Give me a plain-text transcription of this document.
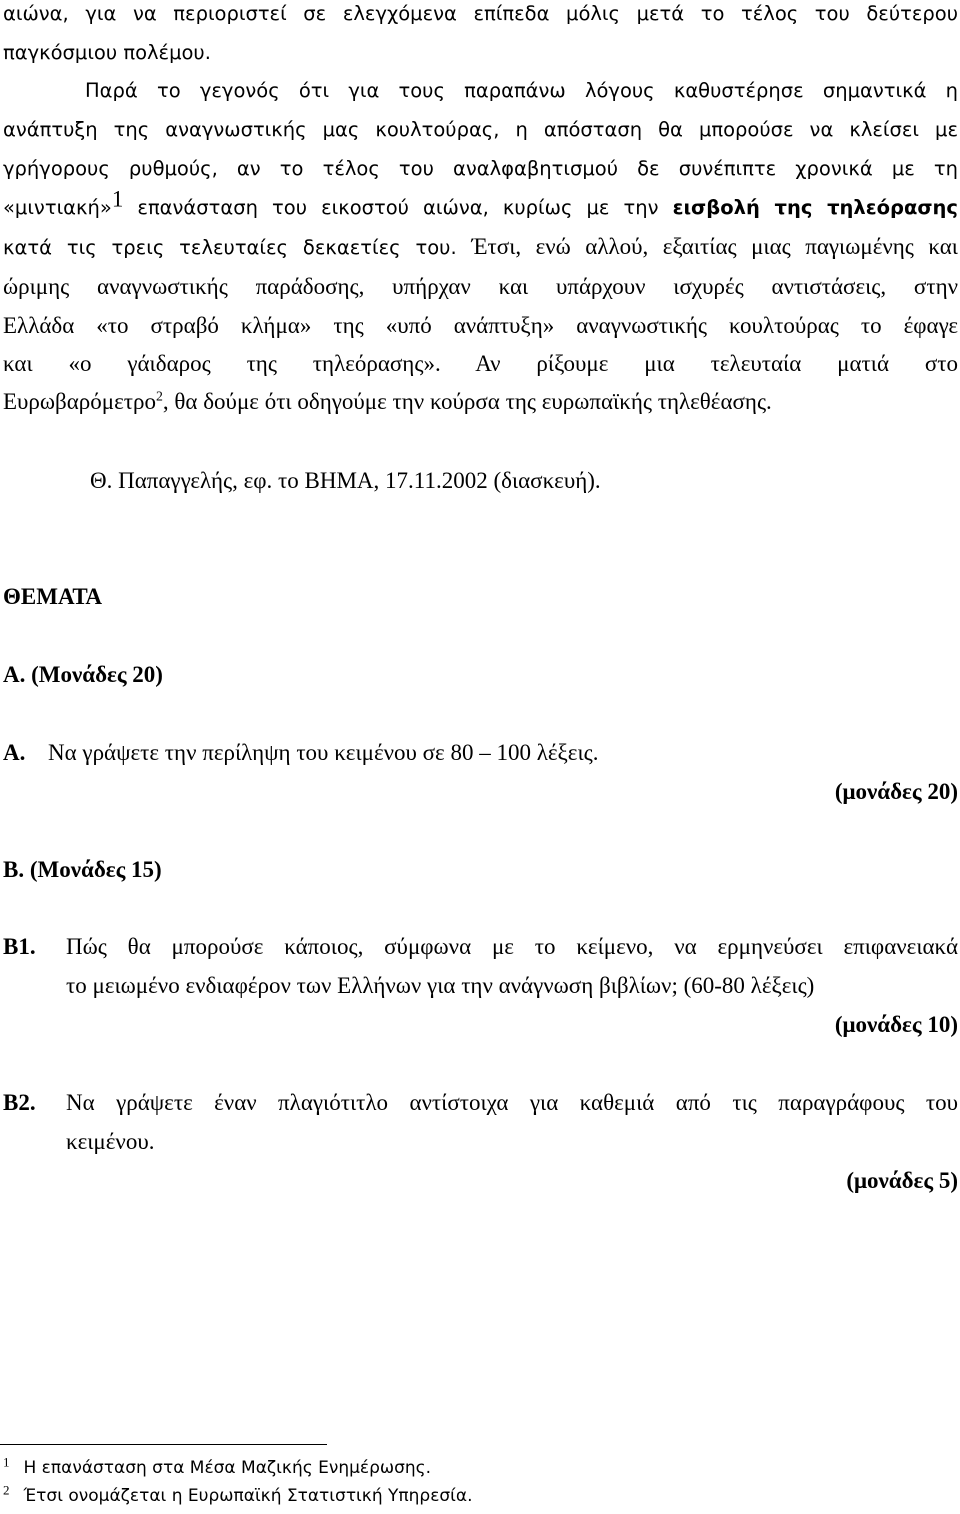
αιώνα, για να περιοριστεί σε ελεγχόμενα επίπεδα μόλις μετά το τέλος του δεύτερου
παγκόσμιου πολέμου.
Παρά το γεγονός ότι για τους παραπάνω λόγους καθυστέρησε σημαντικά η
ανάπτυξη της αναγνωστικής μας κουλτούρας, η απόσταση θα μπορούσε να κλείσει με
γρήγορους ρυθμούς, αν το τέλος του αναλφαβητισμού δε συνέπιπτε χρονικά με τη
«μιντιακή»$^1$ επανάσταση του εικοστού αιώνα, κυρίως με την εισβολή της τηλεόρασης
κατά τις τρεις τελευταίες δεκαετίες του. Έτσι, ενώ αλλού, εξαιτίας μιας παγιωμένης και
ώριμης αναγνωστικής παράδοσης, υπήρχαν και υπάρχουν ισχυρές αντιστάσεις, στην
Ελλάδα «το στραβό κλήμα» της «υπό ανάπτυξη» αναγνωστικής κουλτούρας το έφαγε
και «ο γάιδαρος της τηλεόρασης». Αν ρίξουμε μια τελευταία ματιά στο
Ευρωβαρόμετρο$^2$, θα δούμε ότι οδηγούμε την κούρσα της ευρωπαϊκής τηλεθέασης.
Θ. Παπαγγελής, εφ. το ΒΗΜΑ, 17.11.2002 (διασκευή).
ΘΕΜΑΤΑ
Α. (Μονάδες 20)
Α. Να γράψετε την περίληψη του κειμένου σε 80 – 100 λέξεις.
(μονάδες 20)
Β. (Μονάδες 15)
Β1. Πώς θα μπορούσε κάποιος, σύμφωνα με το κείμενο, να ερμηνεύσει επιφανειακά
το μειωμένο ενδιαφέρον των Ελλήνων για την ανάγνωση βιβλίων; (60-80 λέξεις)
(μονάδες 10)
Β2. Να γράψετε έναν πλαγιότιτλο αντίστοιχα για καθεμιά από τις παραγράφους του
κειμένου.
(μονάδες 5)
$^1$ Η επανάσταση στα Μέσα Μαζικής Ενημέρωσης.
$^2$ Έτσι ονομάζεται η Ευρωπαϊκή Στατιστική Υπηρεσία.
